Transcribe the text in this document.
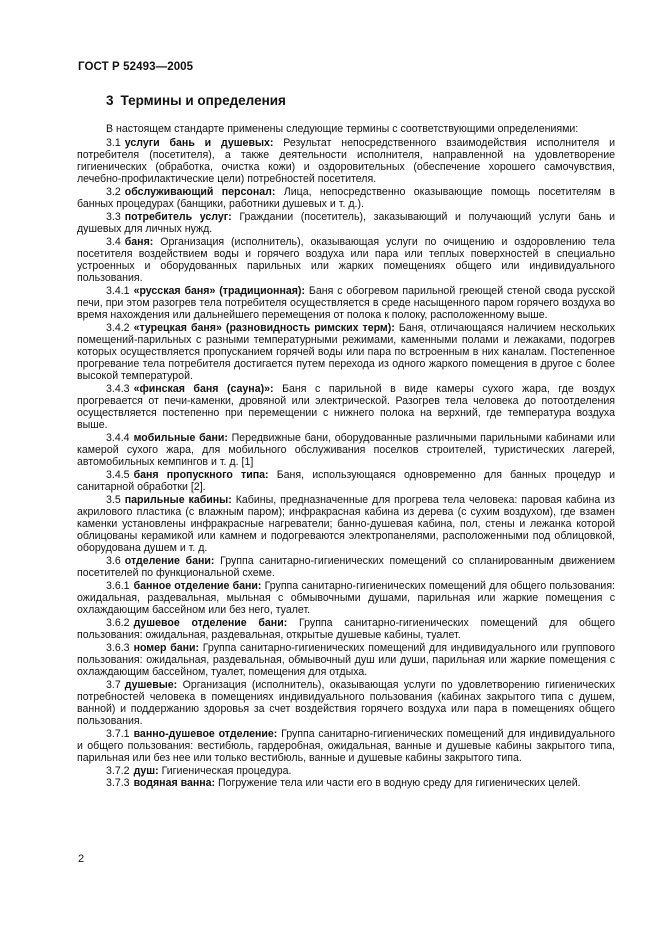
ГОСТ Р 52493—2005
3 Термины и определения

В настоящем стандарте применены следующие термины с соответствующими определениями:

3.1 услуги бань и душевых: Результат непосредственного взаимодействия исполнителя и потребителя (посетителя), а также деятельности исполнителя, направленной на удовлетворение гигиенических (обработка, очистка кожи) и оздоровительных (обеспечение хорошего самочувствия, лечебно-профилактические цели) потребностей посетителя.

3.2 обслуживающий персонал: Лица, непосредственно оказывающие помощь посетителям в банных процедурах (банщики, работники душевых и т. д.).

3.3 потребитель услуг: Граждании (посетитель), заказывающий и получающий услуги бань и душевых для личных нужд.

3.4 баня: Организация (исполнитель), оказывающая услуги по очищению и оздоровлению тела посетителя воздействием воды и горячего воздуха или пара или теплых поверхностей в специально устроенных и оборудованных парильных или жарких помещениях общего или индивидуального пользования.

3.4.1 «русская баня» (традиционная): Баня с обогревом парильной греющей стеной свода русской печи, при этом разогрев тела потребителя осуществляется в среде насыщенного паром горячего воздуха во время нахождения или дальнейшего перемещения от полока к полоку, расположенному выше.

3.4.2 «турецкая баня» (разновидность римских терм): Баня, отличающаяся наличием нескольких помещений-парильных с разными температурными режимами, каменными полами и лежаками, подогрев которых осуществляется пропусканием горячей воды или пара по встроенным в них каналам. Постепенное прогревание тела потребителя достигается путем перехода из одного жаркого помещения в другое с более высокой температурой.

3.4.3 «финская баня (сауна)»: Баня с парильной в виде камеры сухого жара, где воздух прогревается от печи-каменки, дровяной или электрической. Разогрев тела человека до потоотделения осуществляется постепенно при перемещении с нижнего полока на верхний, где температура воздуха выше.

3.4.4 мобильные бани: Передвижные бани, оборудованные различными парильными кабинами или камерой сухого жара, для мобильного обслуживания поселков строителей, туристических лагерей, автомобильных кемпингов и т. д. [1]

3.4.5 баня пропускного типа: Баня, использующаяся одновременно для банных процедур и санитарной обработки [2].

3.5 парильные кабины: Кабины, предназначенные для прогрева тела человека: паровая кабина из акрилового пластика (с влажным паром); инфракрасная кабина из дерева (с сухим воздухом), где взамен каменки установлены инфракрасные нагреватели; банно-душевая кабина, пол, стены и лежанка которой облицованы керамикой или камнем и подогреваются электропанелями, расположенными под облицовкой, оборудована душем и т. д.

3.6 отделение бани: Группа санитарно-гигиенических помещений со спланированным движением посетителей по функциональной схеме.

3.6.1 банное отделение бани: Группа санитарно-гигиенических помещений для общего пользования: ожидальная, раздевальная, мыльная с обмывочными душами, парильная или жаркие помещения с охлаждающим бассейном или без него, туалет.

3.6.2 душевое отделение бани: Группа санитарно-гигиенических помещений для общего пользования: ожидальная, раздевальная, открытые душевые кабины, туалет.

3.6.3 номер бани: Группа санитарно-гигиенических помещений для индивидуального или группового пользования: ожидальная, раздевальная, обмывочный душ или души, парильная или жаркие помещения с охлаждающим бассейном, туалет, помещения для отдыха.

3.7 душевые: Организация (исполнитель), оказывающая услуги по удовлетворению гигиенических потребностей человека в помещениях индивидуального пользования (кабинах закрытого типа с душем, ванной) и поддержанию здоровья за счет воздействия горячего воздуха или пара в помещениях общего пользования.

3.7.1 ванно-душевое отделение: Группа санитарно-гигиенических помещений для индивидуального и общего пользования: вестибюль, гардеробная, ожидальная, ванные и душевые кабины закрытого типа, парильная или без нее или только вестибюль, ванные и душевые кабины закрытого типа.

3.7.2 душ: Гигиеническая процедура.

3.7.3 водяная ванна: Погружение тела или части его в водную среду для гигиенических целей.

2
